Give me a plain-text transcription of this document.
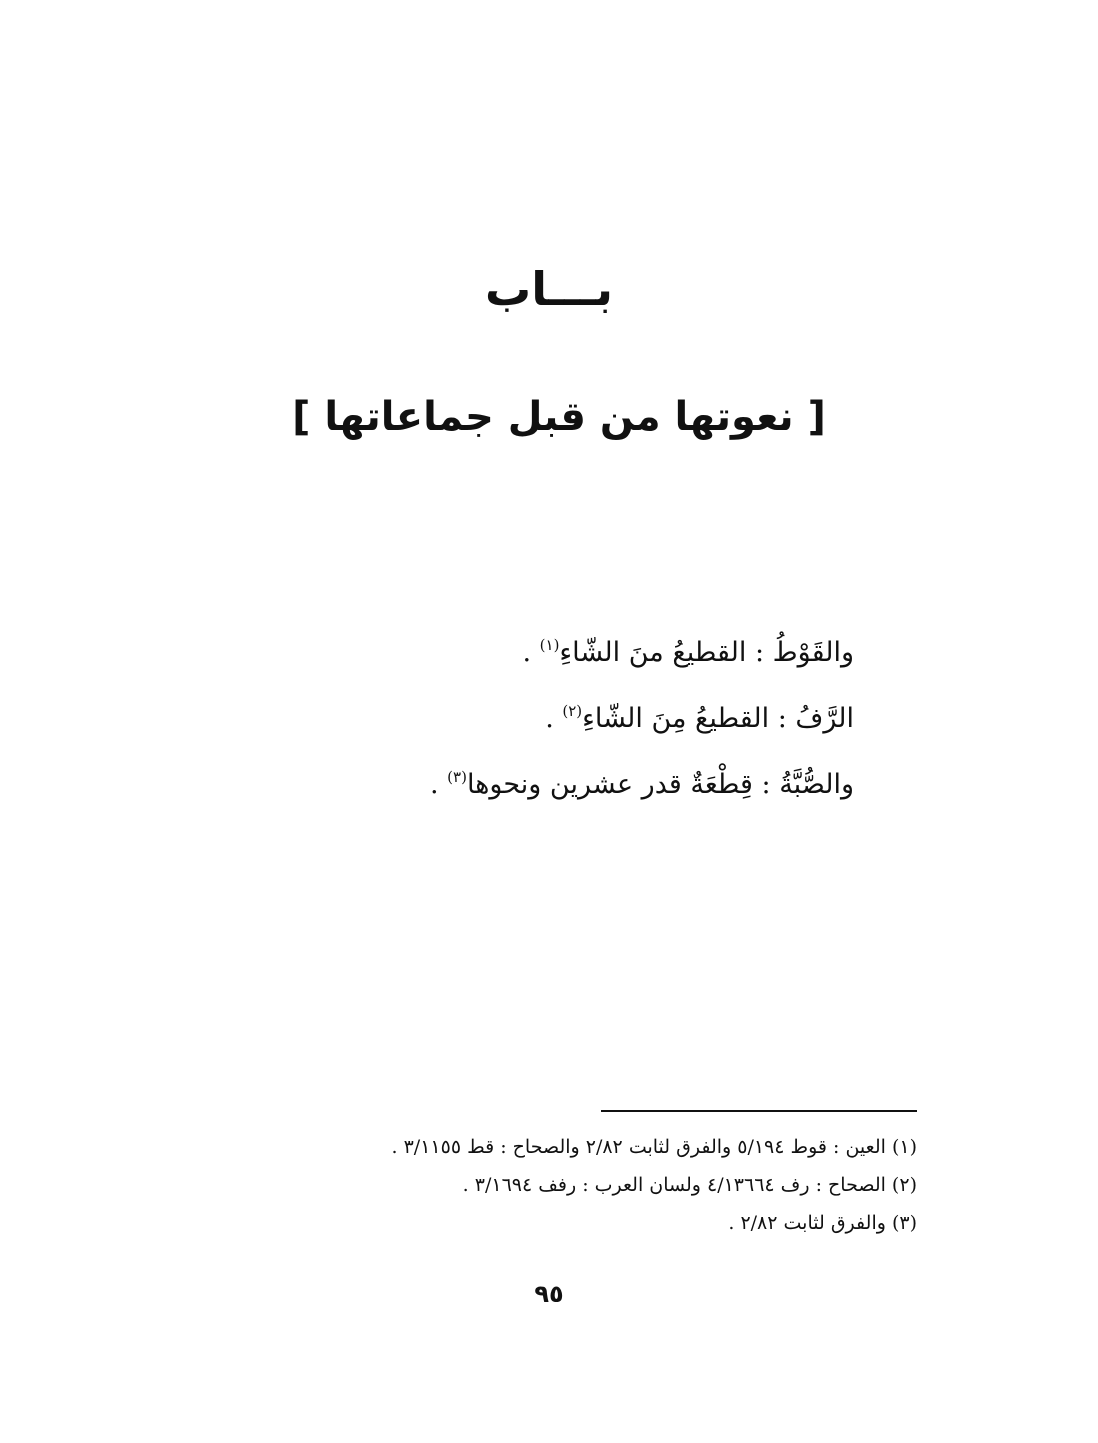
بـــاب
[ نعوتها من قبل جماعاتها ]
والقَوْطُ : القطيعُ منَ الشّاءِ$^{(١)}$ .
الرَّفُ : القطيعُ مِنَ الشّاءِ$^{(٢)}$ .
والصُّبَّةُ : قِطْعَةٌ قدر عشرين ونحوها$^{(٣)}$ .
(١) العين : قوط ٥/١٩٤ والفرق لثابت ٢/٨٢ والصحاح : قط ٣/١١٥٥ .
(٢) الصحاح : رف ٤/١٣٦٦٤ ولسان العرب : رفف ٣/١٦٩٤ .
(٣) والفرق لثابت ٢/٨٢ .
٩٥
